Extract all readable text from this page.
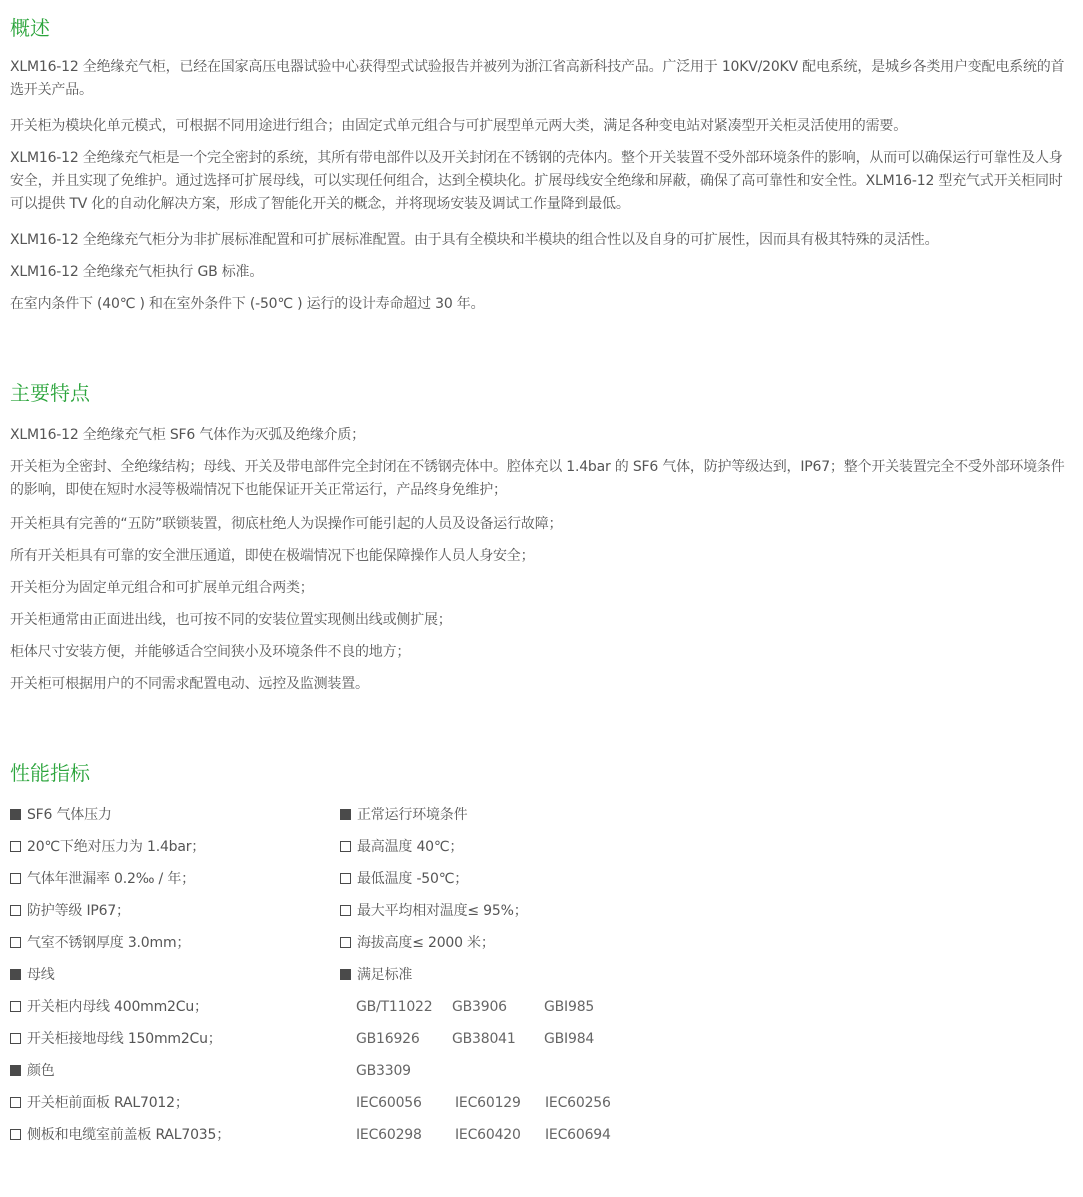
概述

XLM16-12 全绝缘充气柜，已经在国家高压电器试验中心获得型式试验报告并被列为浙江省高新科技产品。广泛用于 10KV/20KV 配电系统，是城乡各类用户变配电系统的首选开关产品。

开关柜为模块化单元模式，可根据不同用途进行组合；由固定式单元组合与可扩展型单元两大类，满足各种变电站对紧凑型开关柜灵活使用的需要。

XLM16-12 全绝缘充气柜是一个完全密封的系统，其所有带电部件以及开关封闭在不锈钢的壳体内。整个开关装置不受外部环境条件的影响，从而可以确保运行可靠性及人身安全，并且实现了免维护。通过选择可扩展母线，可以实现任何组合，达到全模块化。扩展母线安全绝缘和屏蔽，确保了高可靠性和安全性。XLM16-12 型充气式开关柜同时可以提供 TV 化的自动化解决方案，形成了智能化开关的概念，并将现场安装及调试工作量降到最低。

XLM16-12 全绝缘充气柜分为非扩展标准配置和可扩展标准配置。由于具有全模块和半模块的组合性以及自身的可扩展性，因而具有极其特殊的灵活性。

XLM16-12 全绝缘充气柜执行 GB 标准。

在室内条件下 (40℃ ) 和在室外条件下 (-50℃ ) 运行的设计寿命超过 30 年。

主要特点

XLM16-12 全绝缘充气柜 SF6 气体作为灭弧及绝缘介质；

开关柜为全密封、全绝缘结构；母线、开关及带电部件完全封闭在不锈钢壳体中。腔体充以 1.4bar 的 SF6 气体，防护等级达到，IP67；整个开关装置完全不受外部环境条件的影响，即使在短时水浸等极端情况下也能保证开关正常运行，产品终身免维护；

开关柜具有完善的“五防”联锁装置，彻底杜绝人为误操作可能引起的人员及设备运行故障；

所有开关柜具有可靠的安全泄压通道，即使在极端情况下也能保障操作人员人身安全；

开关柜分为固定单元组合和可扩展单元组合两类；

开关柜通常由正面进出线，也可按不同的安装位置实现侧出线或侧扩展；

柜体尺寸安装方便，并能够适合空间狭小及环境条件不良的地方；

开关柜可根据用户的不同需求配置电动、远控及监测装置。

性能指标
SF6 气体压力
20℃下绝对压力为 1.4bar；
气体年泄漏率 0.2‰ / 年；
防护等级 IP67；
气室不锈钢厚度 3.0mm；
母线
开关柜内母线 400mm2Cu；
开关柜接地母线 150mm2Cu；
颜色
开关柜前面板 RAL7012；
侧板和电缆室前盖板 RAL7035；
正常运行环境条件
最高温度 40℃；
最低温度 -50℃；
最大平均相对温度≤ 95%；
海拔高度≤ 2000 米；
满足标准
GB/T11022 GB3906	GBI985
GB16926 GB38041 GBI984
GB3309
IEC60056 IEC60129 IEC60256
IEC60298 IEC60420 IEC60694
